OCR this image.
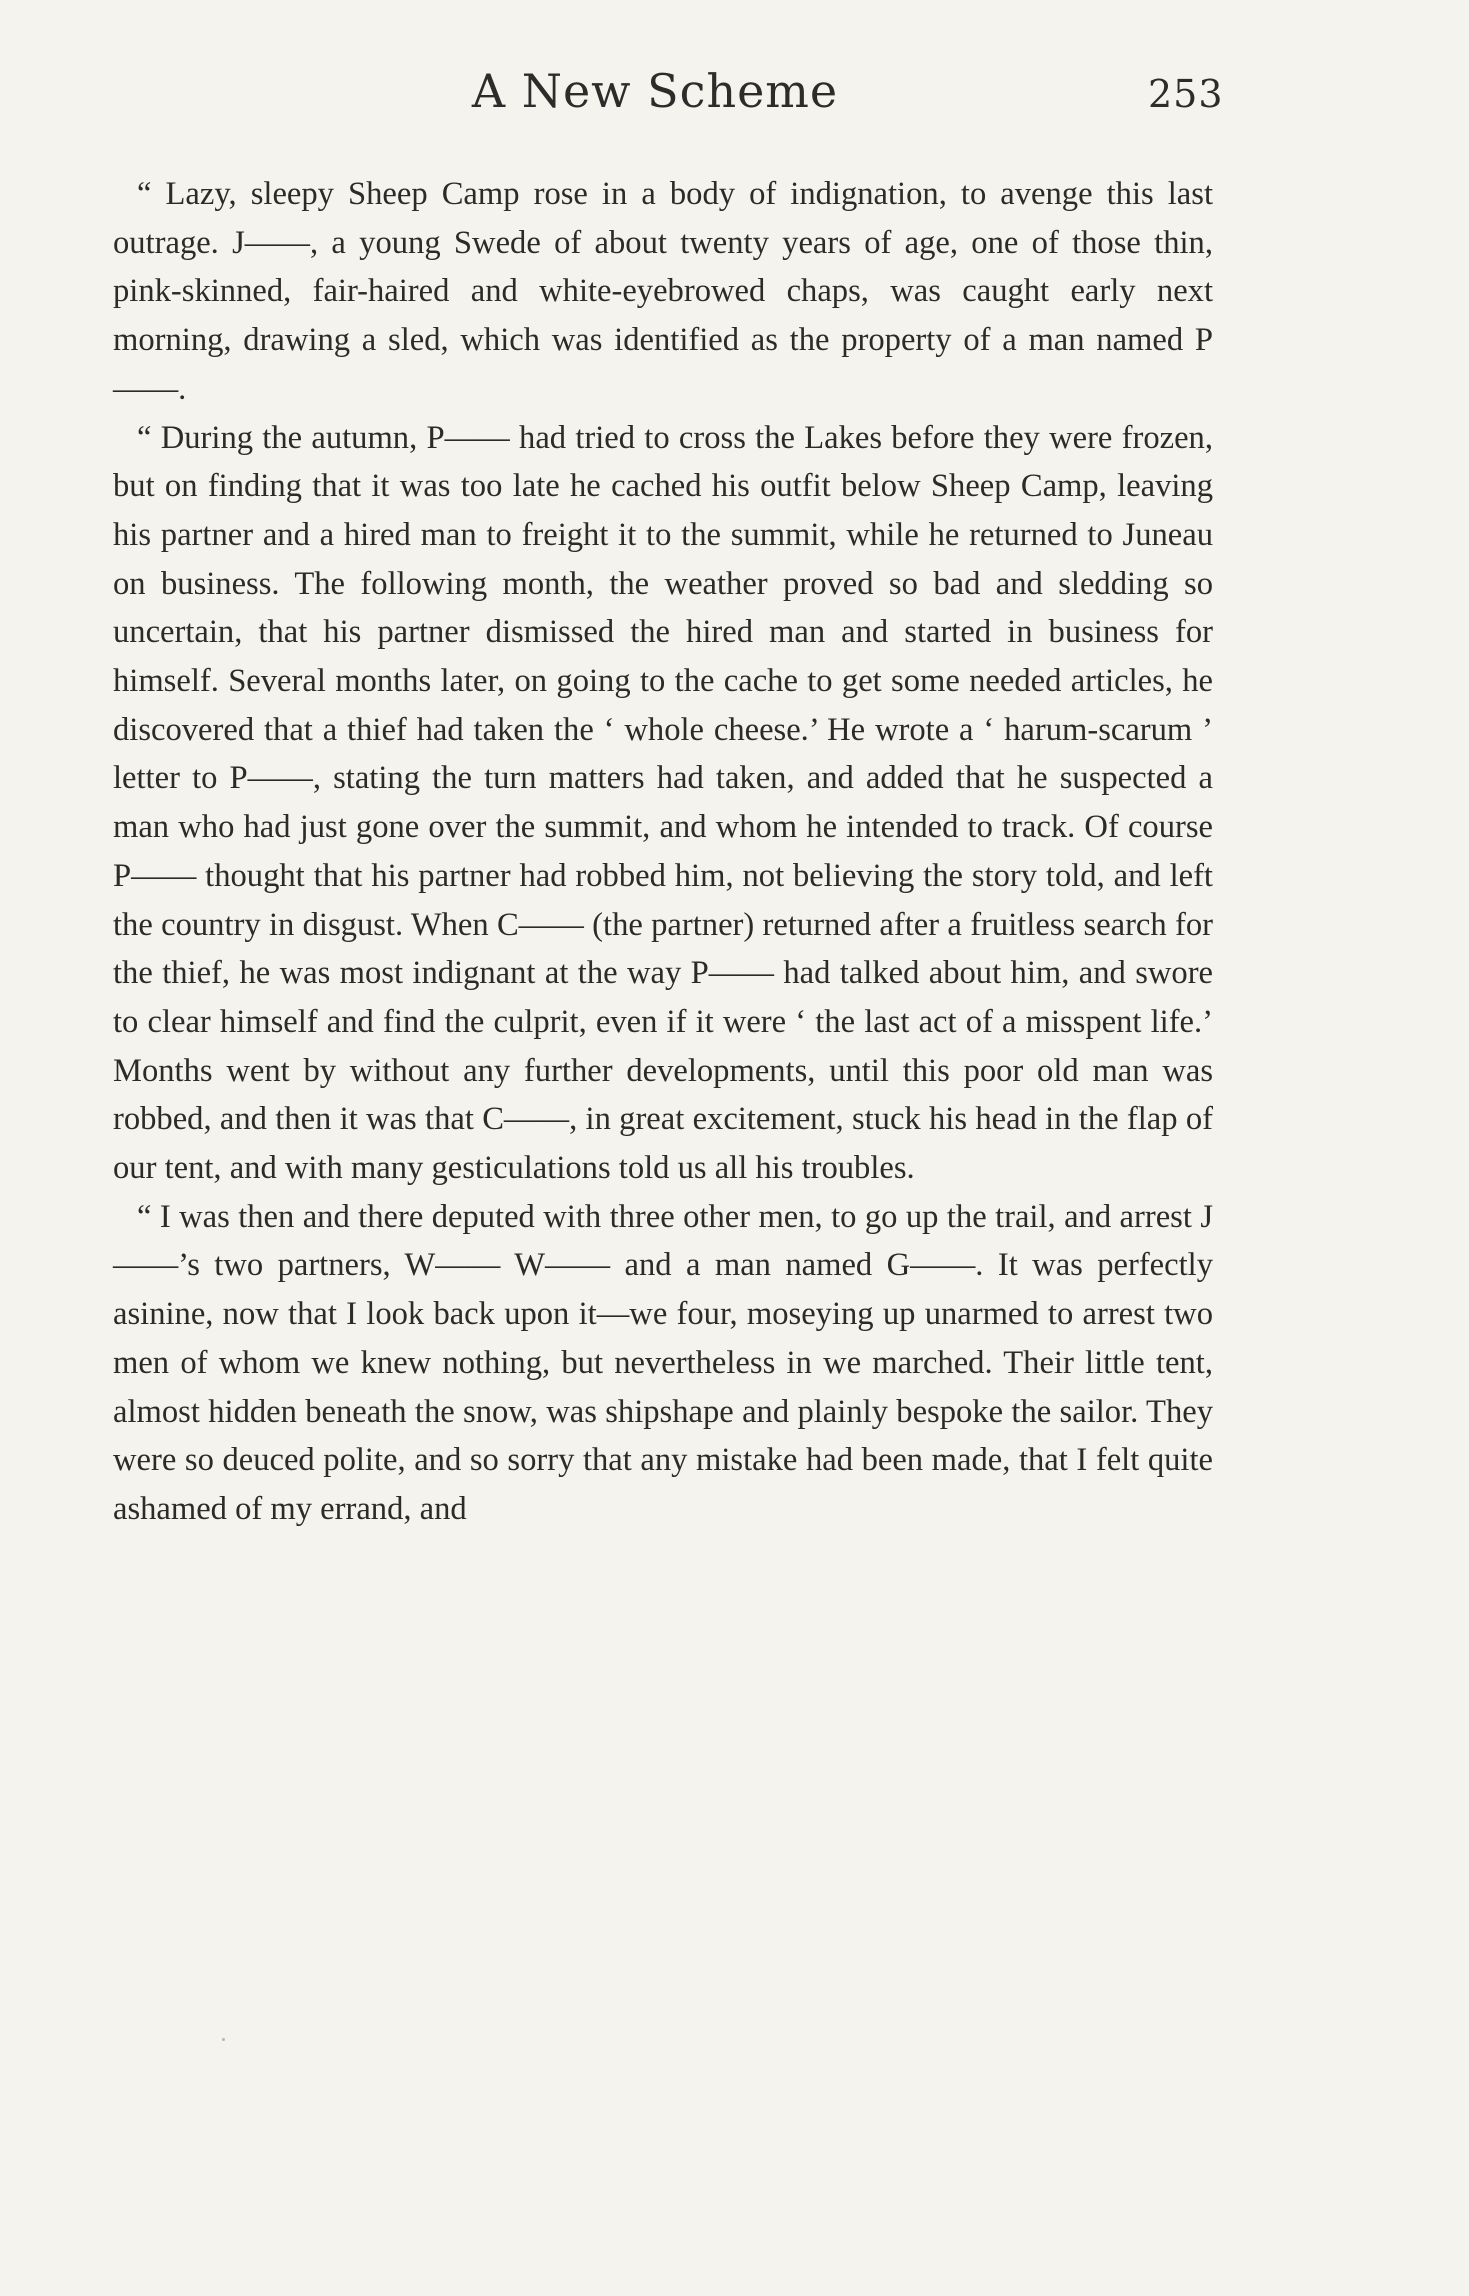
A New Scheme	253

“ Lazy, sleepy Sheep Camp rose in a body of indignation, to avenge this last outrage. J——, a young Swede of about twenty years of age, one of those thin, pink-skinned, fair-haired and white-eyebrowed chaps, was caught early next morning, drawing a sled, which was identified as the property of a man named P——.

“ During the autumn, P—— had tried to cross the Lakes before they were frozen, but on finding that it was too late he cached his outfit below Sheep Camp, leaving his partner and a hired man to freight it to the summit, while he returned to Juneau on business. The following month, the weather proved so bad and sledding so uncertain, that his partner dismissed the hired man and started in business for himself. Several months later, on going to the cache to get some needed articles, he discovered that a thief had taken the ‘ whole cheese.’ He wrote a ‘ harum-scarum ’ letter to P——, stating the turn matters had taken, and added that he suspected a man who had just gone over the summit, and whom he intended to track. Of course P—— thought that his partner had robbed him, not believing the story told, and left the country in disgust. When C—— (the partner) returned after a fruitless search for the thief, he was most indignant at the way P—— had talked about him, and swore to clear himself and find the culprit, even if it were ‘ the last act of a misspent life.’ Months went by without any further developments, until this poor old man was robbed, and then it was that C——, in great excitement, stuck his head in the flap of our tent, and with many gesticulations told us all his troubles.

“ I was then and there deputed with three other men, to go up the trail, and arrest J——’s two partners, W—— W—— and a man named G——. It was perfectly asinine, now that I look back upon it—we four, moseying up unarmed to arrest two men of whom we knew nothing, but nevertheless in we marched. Their little tent, almost hidden beneath the snow, was shipshape and plainly bespoke the sailor. They were so deuced polite, and so sorry that any mistake had been made, that I felt quite ashamed of my errand, and
